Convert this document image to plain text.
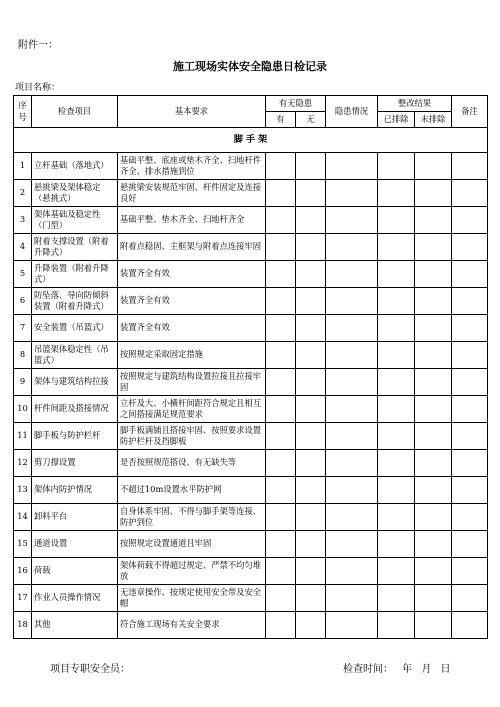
附件一：
施工现场实体安全隐患日检记录
项目名称：
序号	检查项目	基本要求	有无隐患		隐患情况	整改结果		备注
			有	无		已排除	未排除	
脚 手 架								
1	立杆基础（落地式）	基础平整、底座或垫木齐全、扫地杆件齐全、排水措施到位						
2	悬挑梁及架体稳定（悬挑式）	悬挑梁安装规范牢固、杆件固定及连接良好						
3	架体基础及稳定性（门型）	基础平整、垫木齐全、扫地杆齐全						
4	附着支撑设置（附着升降式）	附着点稳固、主框架与附着点连接牢固						
5	升降装置（附着升降式）	装置齐全有效						
6	防坠落、导向防倾斜装置（附着升降式）	装置齐全有效						
7	安全装置（吊篮式）	装置齐全有效						
8	吊篮架体稳定性（吊篮式）	按照规定采取固定措施						
9	架体与建筑结构拉接	按照规定与建筑结构设置拉接且拉接牢固						
10	杆件间距及搭接情况	立杆及大、小横杆间距符合规定且相互之间搭接满足规范要求						
11	脚手板与防护栏杆	脚手板满铺且搭接牢固、按照要求设置防护栏杆及挡脚板						
12	剪刀撑设置	是否按照规范搭设、有无缺失等						
13	架体内防护情况	不超过10m设置水平防护网						
14	卸料平台	自身体系牢固、不得与脚手架等连接、防护到位						
15	通道设置	按照规定设置通道且牢固						
16	荷载	架体荷载不得超过规定、严禁不均匀堆放						
17	作业人员操作情况	无违章操作、按规定使用安全带及安全帽						
18	其他	符合施工现场有关安全要求						
项目专职安全员：	检查时间： 年 月 日
